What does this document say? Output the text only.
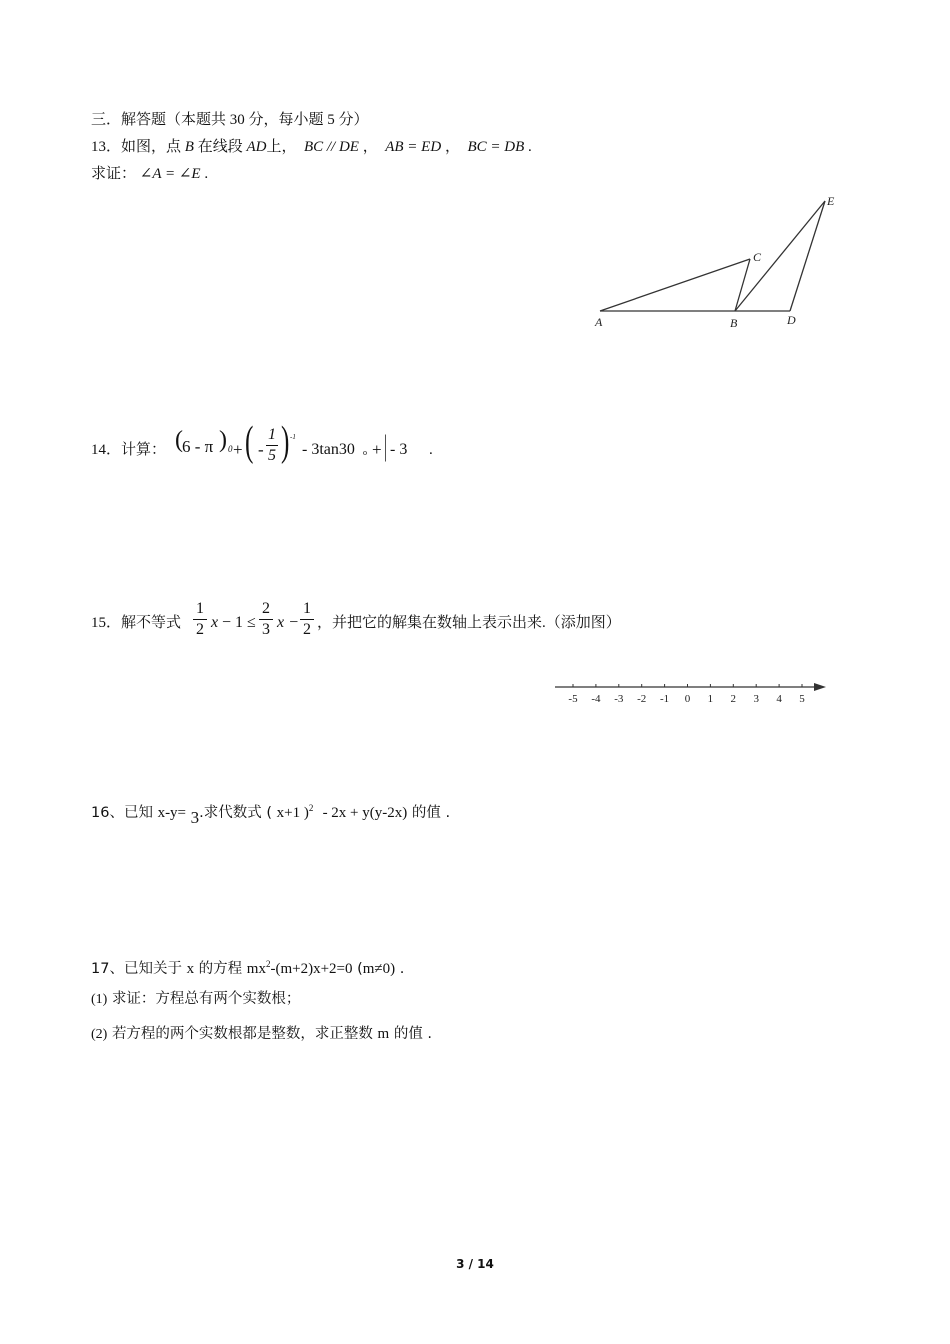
三．解答题（本题共 30 分，每小题 5 分）
13．如图，点 B 在线段 AD上， BC // DE ，  AB = ED ，  BC = DB .
求证： ∠A = ∠E .
A	B
C
D
E
14．计算： ( 6 - π ) 0 + ( -
1
5 ) -1
- 3tan30 o + | - 3 .
15．解不等式
1
2 x − 1 ≤
2
3 x −
1
2 ，并把它的解集在数轴上表示出来.（添加图）
-5 -4 -3 -2 -1 0 1 2 3 4 5
16、已知 x-y= 3.求代数式 ( x+1 )$^2$ - 2x + y(y-2x) 的值 .
17、已知关于 x 的方程 $mx^2-(m+2)x+2=0$ (m≠0) .
(1) 求证：方程总有两个实数根；
(2) 若方程的两个实数根都是整数，求正整数 m 的值 .
3 / 14
